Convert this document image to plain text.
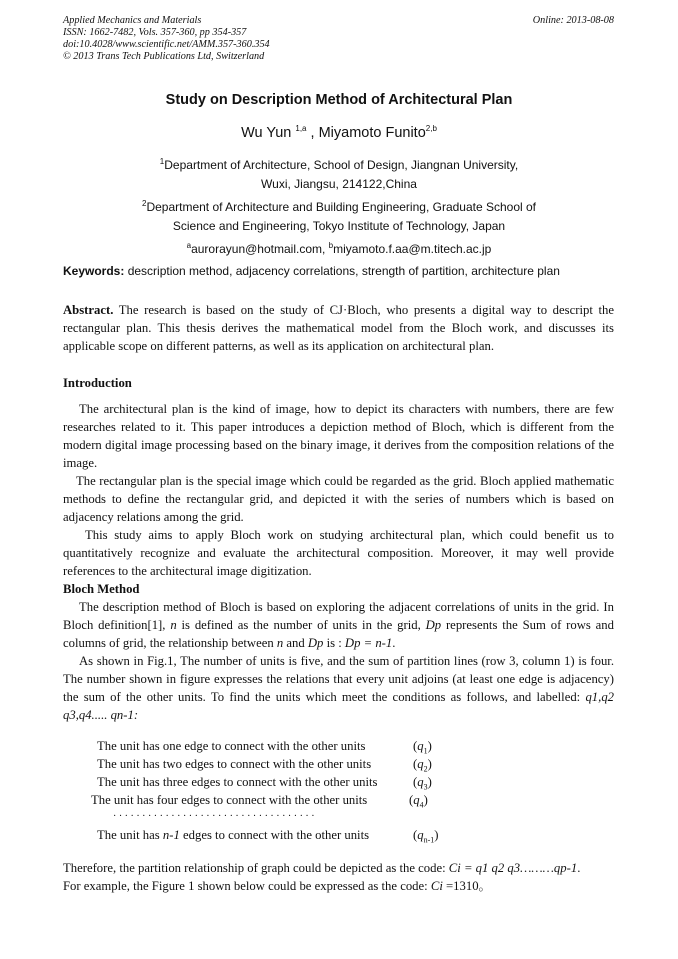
Applied Mechanics and Materials
ISSN: 1662-7482, Vols. 357-360, pp 354-357
doi:10.4028/www.scientific.net/AMM.357-360.354
© 2013 Trans Tech Publications Ltd, Switzerland
Online: 2013-08-08
Study on Description Method of Architectural Plan
Wu Yun $^{1,a}$ , Miyamoto Funito$^{2,b}$
$^1$Department of Architecture, School of Design, Jiangnan University,
Wuxi, Jiangsu, 214122,China
$^2$Department of Architecture and Building Engineering, Graduate School of
Science and Engineering, Tokyo Institute of Technology, Japan
$^a$aurorayun@hotmail.com, $^b$miyamoto.f.aa@m.titech.ac.jp
Keywords: description method, adjacency correlations, strength of partition, architecture plan

Abstract. The research is based on the study of CJ·Bloch, who presents a digital way to descript the rectangular plan. This thesis derives the mathematical model from the Bloch work, and discusses its applicable scope on different patterns, as well as its application on architectural plan.

Introduction

The architectural plan is the kind of image, how to depict its characters with numbers, there are few researches related to it. This paper introduces a depiction method of Bloch, which is different from the modern digital image processing based on the binary image, it derives from the composition relations of the image.

The rectangular plan is the special image which could be regarded as the grid. Bloch applied mathematic methods to define the rectangular grid, and depicted it with the series of numbers which is based on adjacency relations among the grid.

This study aims to apply Bloch work on studying architectural plan, which could benefit us to quantitatively recognize and evaluate the architectural composition. Moreover, it may well provide references to the architectural image digitization.

Bloch Method

The description method of Bloch is based on exploring the adjacent correlations of units in the grid. In Bloch definition[1], n is defined as the number of units in the grid, Dp represents the Sum of rows and columns of grid, the relationship between n and Dp is : Dp = n-1.

As shown in Fig.1, The number of units is five, and the sum of partition lines (row 3, column 1) is four. The number shown in figure expresses the relations that every unit adjoins (at least one edge is adjacency) the sum of the other units. To find the units which meet the conditions as follows, and labelled: q1,q2 q3,q4..... qn-1:

The unit has one edge to connect with the other units	$(q_1)$
The unit has two edges to connect with the other units	$(q_2)$
The unit has three edges to connect with the other units	$(q_3)$
The unit has four edges to connect with the other units	$(q_4)$
· · · · · · · · · · · · · · · · · · · · · · · · · · · · · · · · · · ·
The unit has n-1 edges to connect with the other units	$(q_{n-1})$

Therefore, the partition relationship of graph could be depicted as the code: Ci = q1 q2 q3………qp-1.

For example, the Figure 1 shown below could be expressed as the code: Ci =1310。
